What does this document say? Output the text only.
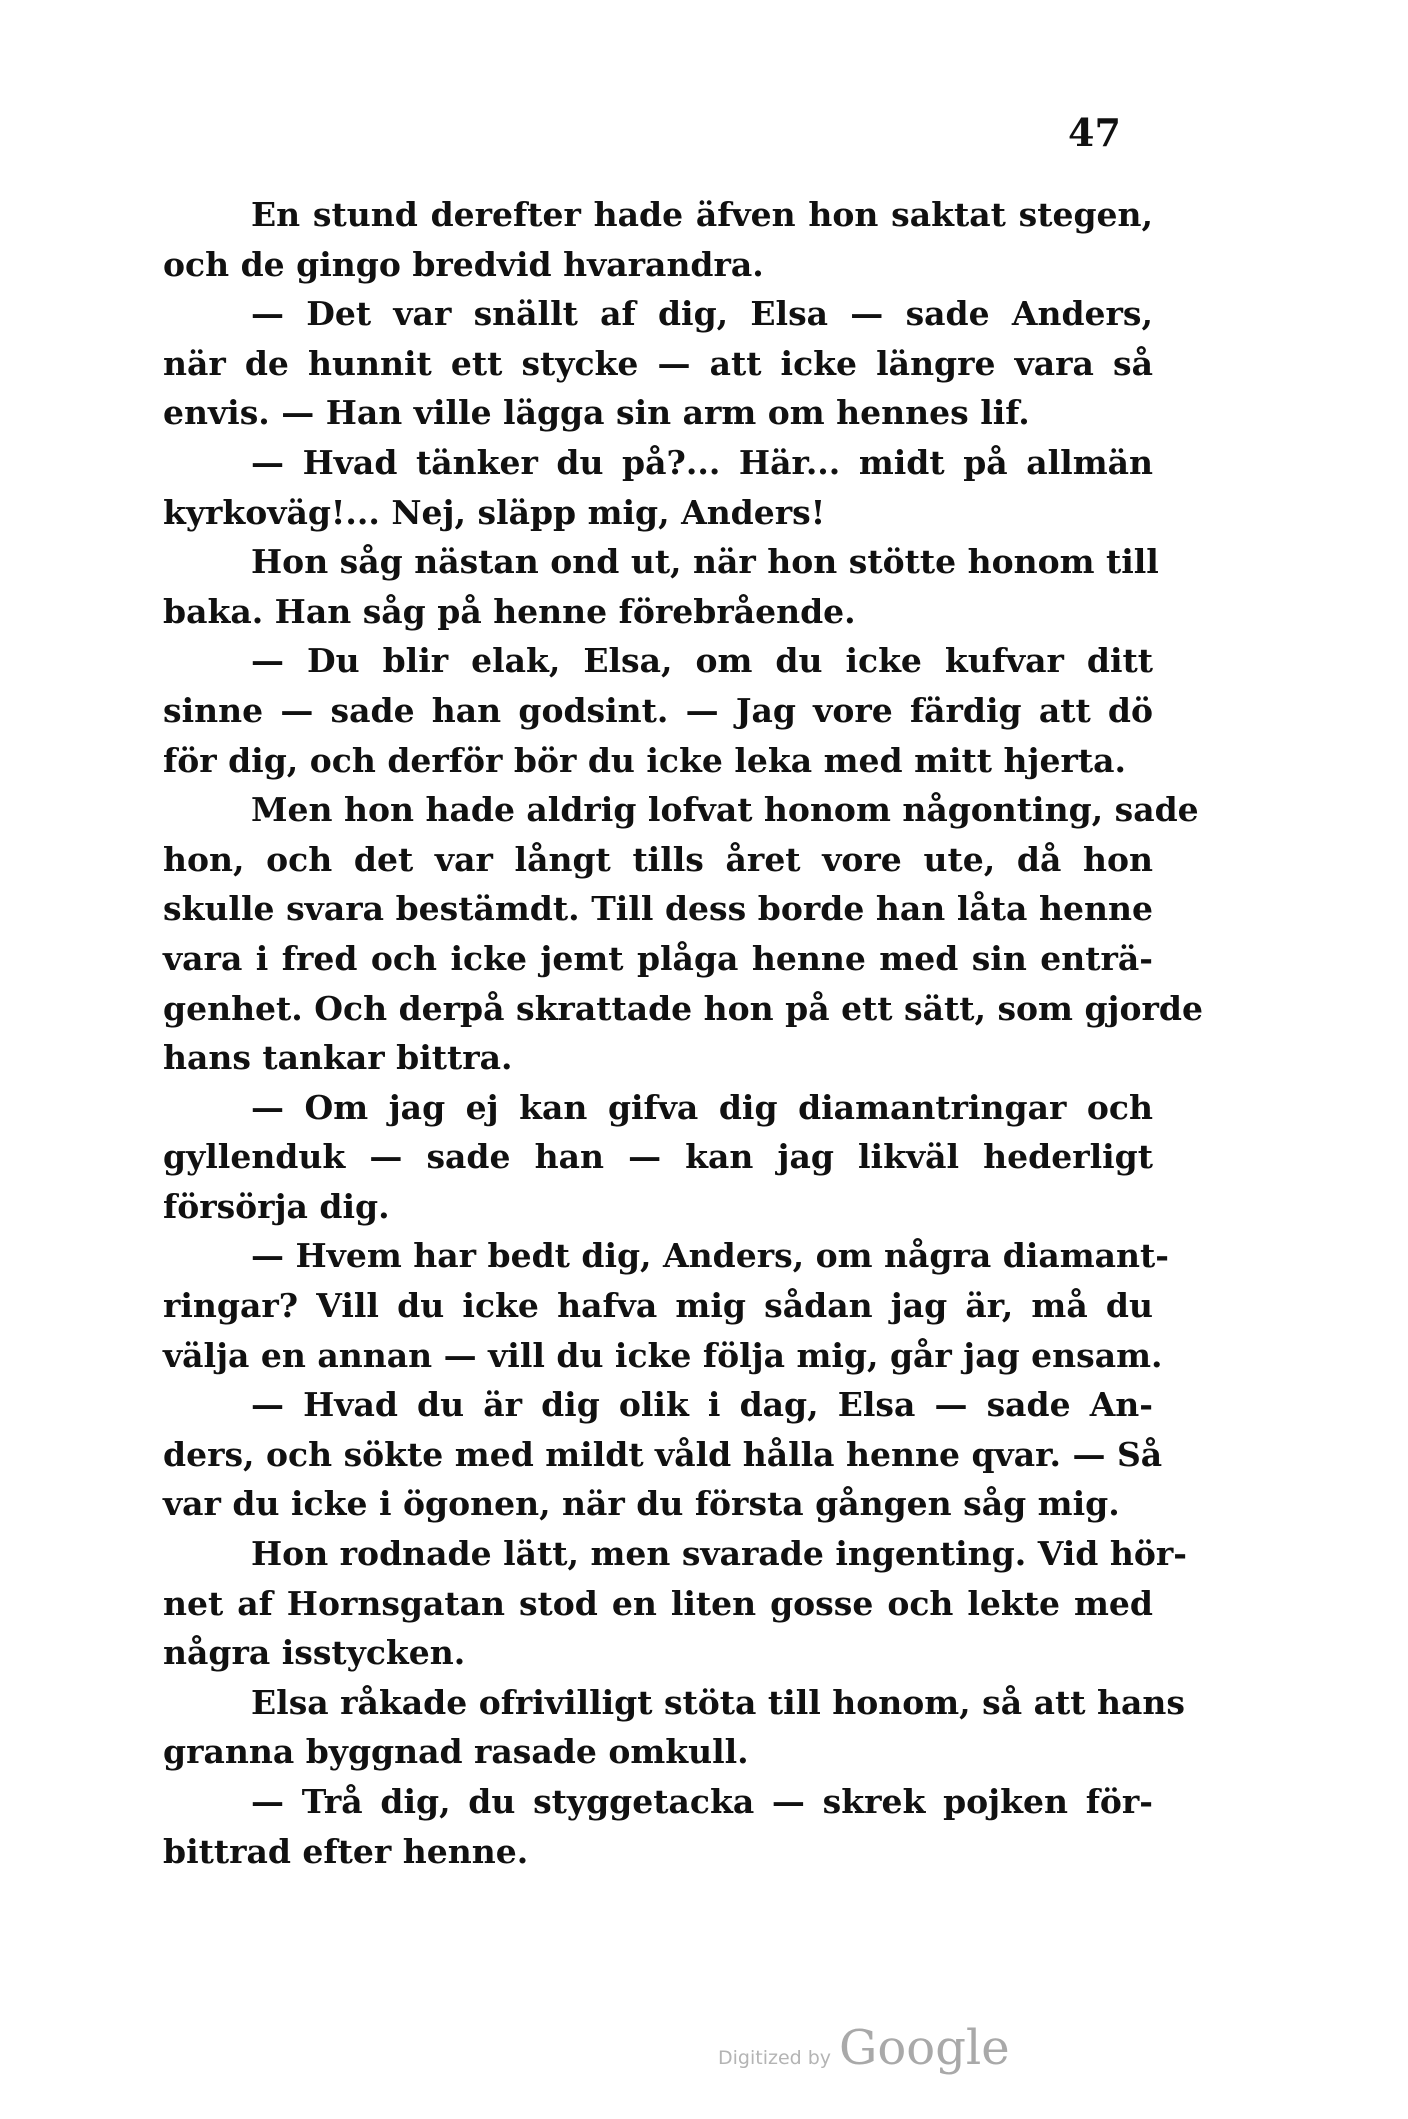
47
En stund derefter hade äfven hon saktat stegen,
och de gingo bredvid hvarandra.
— Det var snällt af dig, Elsa — sade Anders,
när de hunnit ett stycke — att icke längre vara så
envis. — Han ville lägga sin arm om hennes lif.
— Hvad tänker du på?... Här... midt på allmän
kyrkoväg!... Nej, släpp mig, Anders!
Hon såg nästan ond ut, när hon stötte honom till
baka. Han såg på henne förebrående.
— Du blir elak, Elsa, om du icke kufvar ditt
sinne — sade han godsint. — Jag vore färdig att dö
för dig, och derför bör du icke leka med mitt hjerta.
Men hon hade aldrig lofvat honom någonting, sade
hon, och det var långt tills året vore ute, då hon
skulle svara bestämdt. Till dess borde han låta henne
vara i fred och icke jemt plåga henne med sin enträ-
genhet. Och derpå skrattade hon på ett sätt, som gjorde
hans tankar bittra.
— Om jag ej kan gifva dig diamantringar och
gyllenduk — sade han — kan jag likväl hederligt
försörja dig.
— Hvem har bedt dig, Anders, om några diamant-
ringar? Vill du icke hafva mig sådan jag är, må du
välja en annan — vill du icke följa mig, går jag ensam.
— Hvad du är dig olik i dag, Elsa — sade An-
ders, och sökte med mildt våld hålla henne qvar. — Så
var du icke i ögonen, när du första gången såg mig.
Hon rodnade lätt, men svarade ingenting. Vid hör-
net af Hornsgatan stod en liten gosse och lekte med
några isstycken.
Elsa råkade ofrivilligt stöta till honom, så att hans
granna byggnad rasade omkull.
— Trå dig, du styggetacka — skrek pojken för-
bittrad efter henne.
Digitized by Google
